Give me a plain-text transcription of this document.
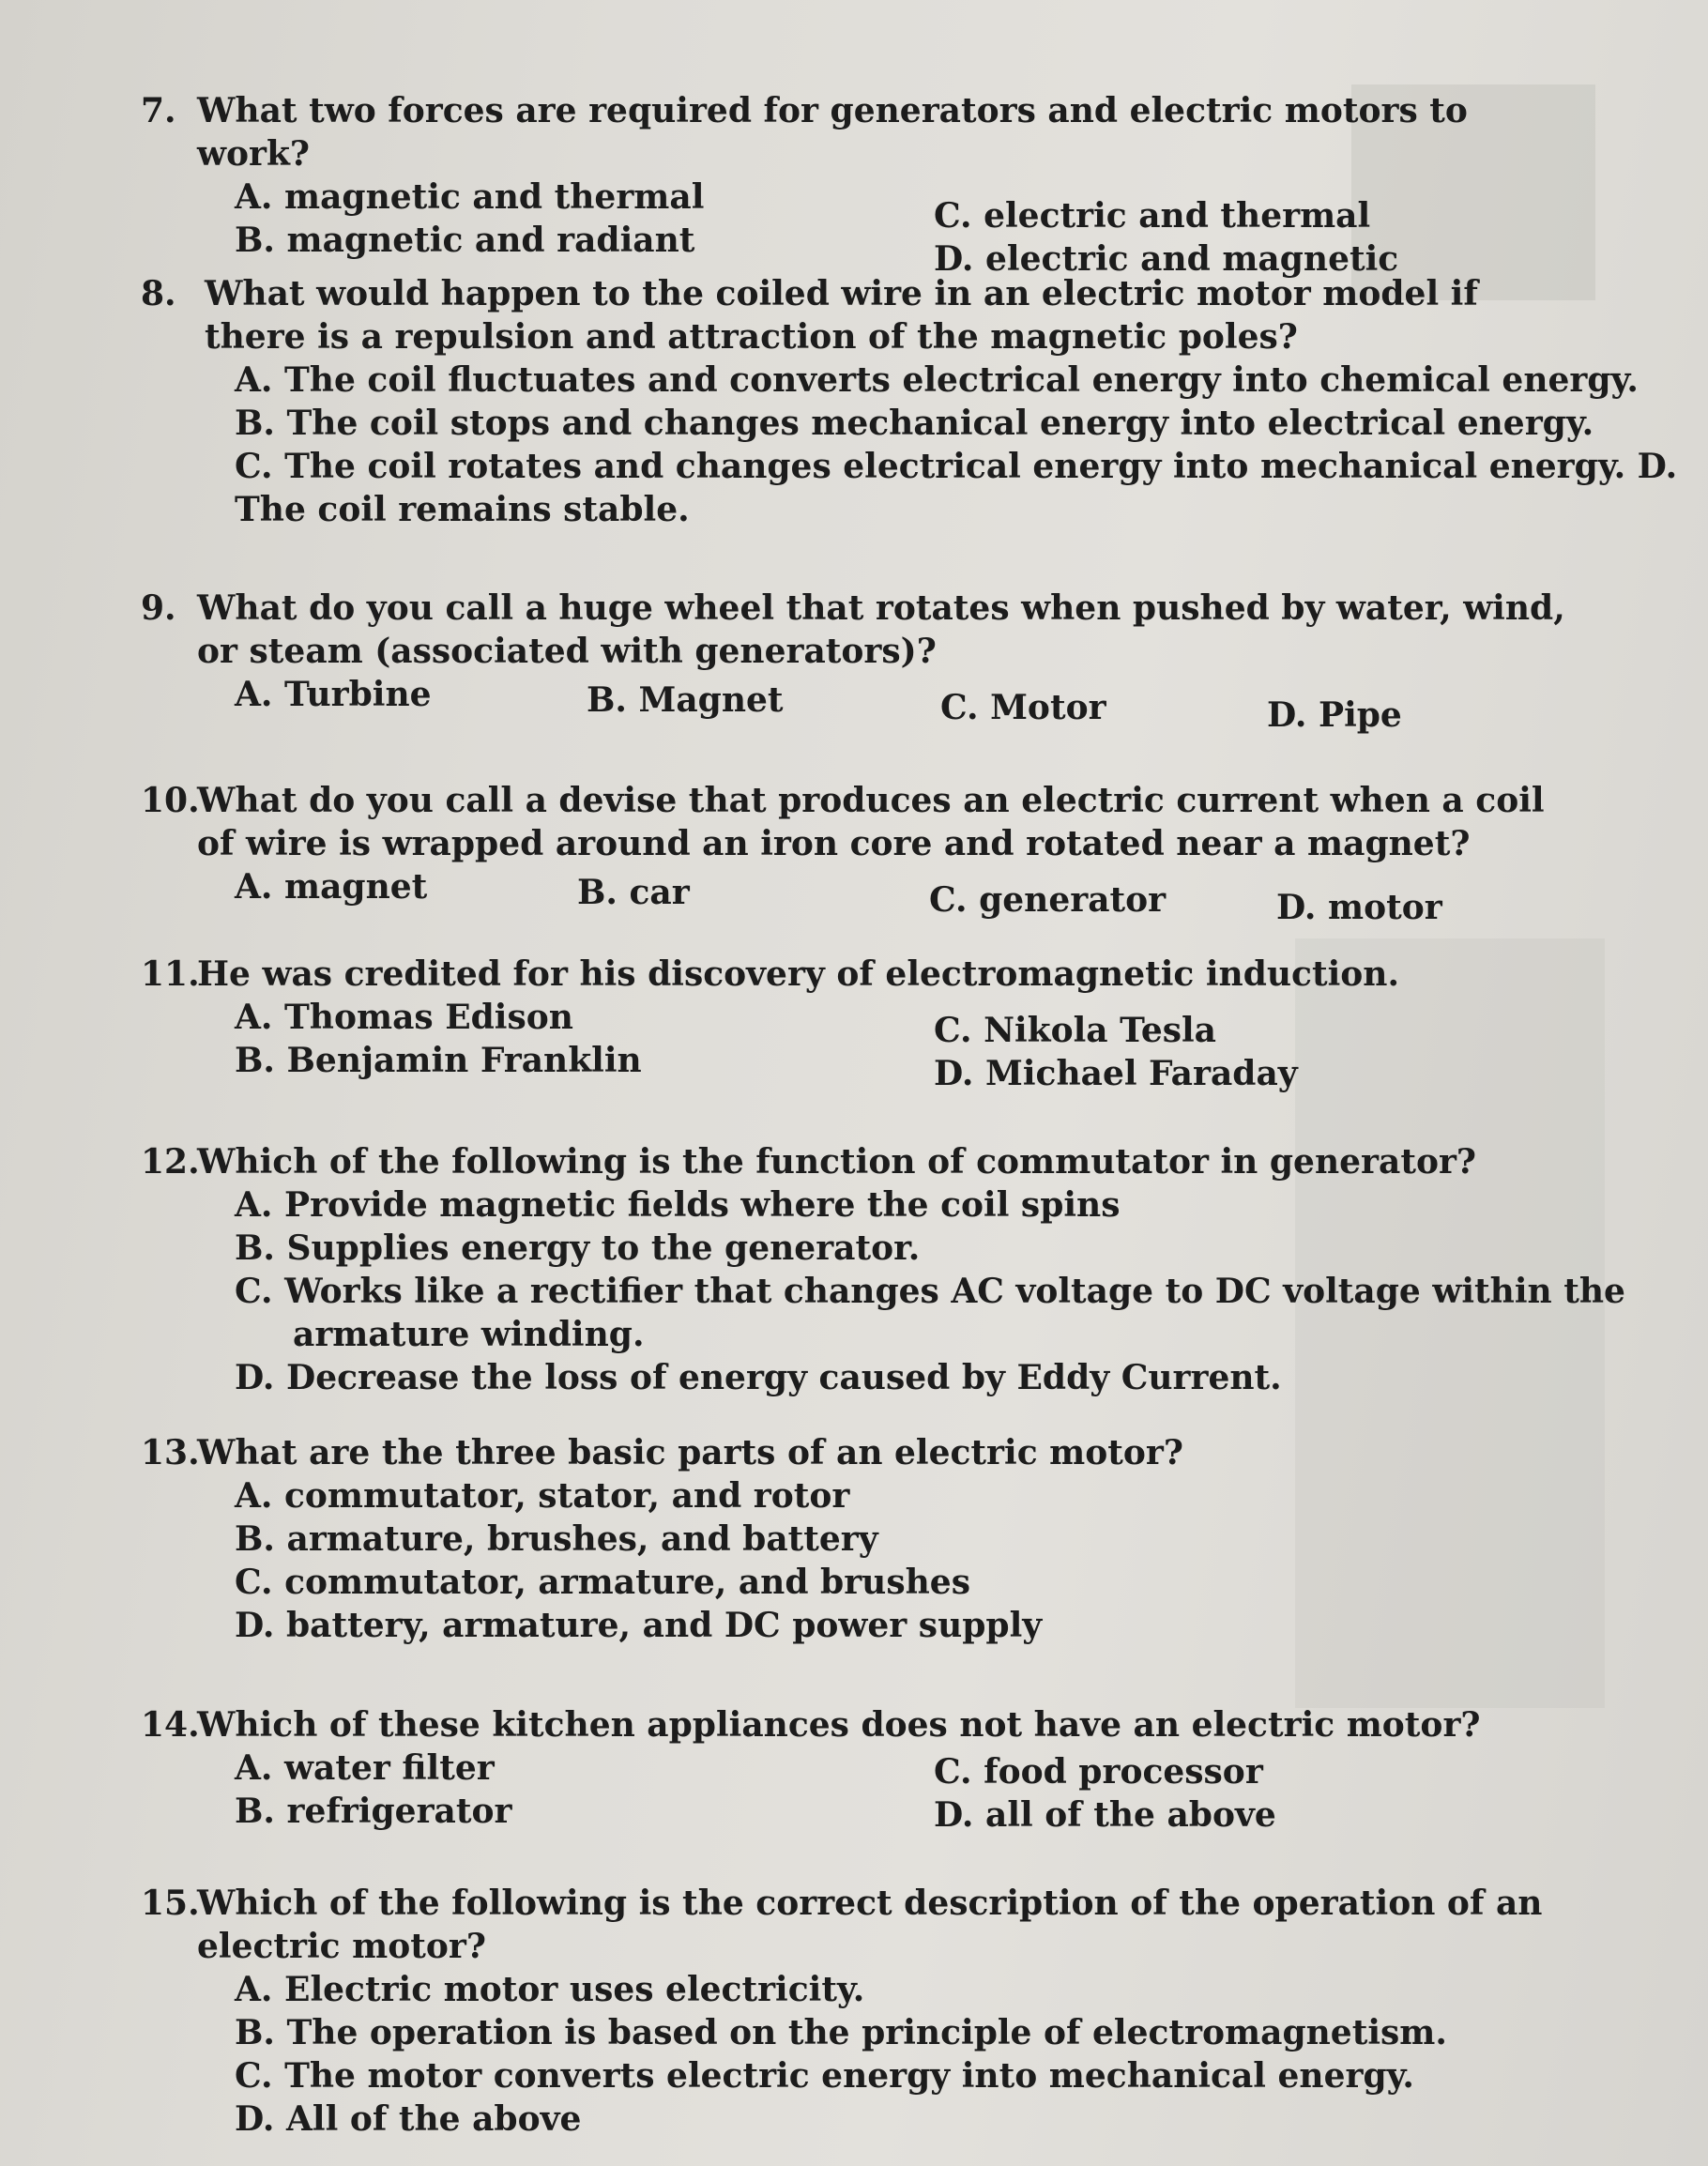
7. What two forces are required for generators and electric motors to work?
A. magnetic and thermal
B. magnetic and radiant
C. electric and thermal
D. electric and magnetic
8. What would happen to the coiled wire in an electric motor model if there is a repulsion and attraction of the magnetic poles?
A. The coil fluctuates and converts electrical energy into chemical energy.
B. The coil stops and changes mechanical energy into electrical energy.
C. The coil rotates and changes electrical energy into mechanical energy. D.
The coil remains stable.
9. What do you call a huge wheel that rotates when pushed by water, wind, or steam (associated with generators)?
A. Turbine	B. Magnet	C. Motor	D. Pipe
10.
What do you call a devise that produces an electric current when a coil of wire is wrapped around an iron core and rotated near a magnet?
A. magnet	B. car	C. generator	D. motor
11.
He was credited for his discovery of electromagnetic induction.
A. Thomas Edison
B. Benjamin Franklin
C. Nikola Tesla
D. Michael Faraday
12.
Which of the following is the function of commutator in generator?
A. Provide magnetic fields where the coil spins
B. Supplies energy to the generator.
C. Works like a rectifier that changes AC voltage to DC voltage within the
armature winding.
D. Decrease the loss of energy caused by Eddy Current.
13.
What are the three basic parts of an electric motor?
A. commutator, stator, and rotor
B. armature, brushes, and battery
C. commutator, armature, and brushes
D. battery, armature, and DC power supply
14.
Which of these kitchen appliances does not have an electric motor?
A. water filter
B. refrigerator
C. food processor
D. all of the above
15.
Which of the following is the correct description of the operation of an electric motor?
A. Electric motor uses electricity.
B. The operation is based on the principle of electromagnetism.
C. The motor converts electric energy into mechanical energy.
D. All of the above
